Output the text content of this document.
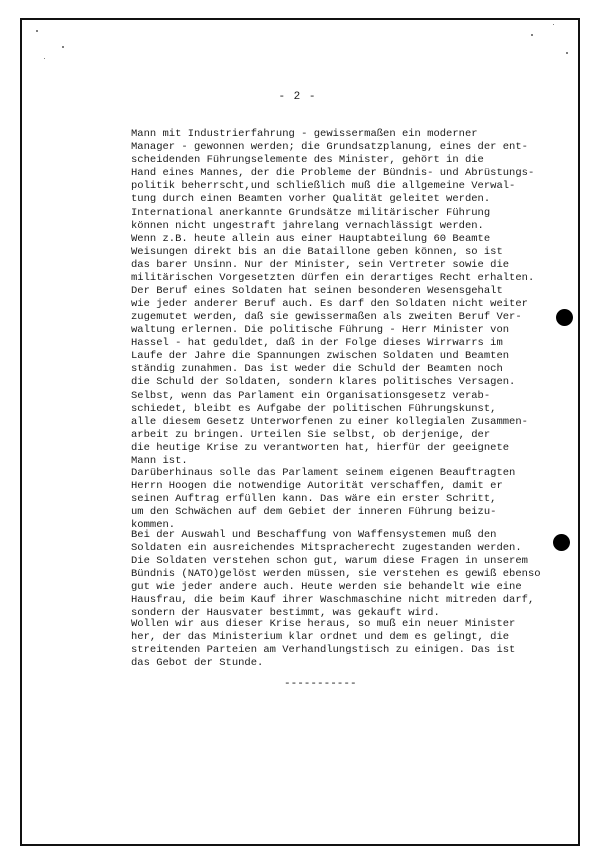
- 2 -
Mann mit Industrierfahrung - gewissermaßen ein moderner
Manager - gewonnen werden; die Grundsatzplanung, eines der ent-
scheidenden Führungselemente des Minister, gehört in die
Hand eines Mannes, der die Probleme der Bündnis- und Abrüstungs-
politik beherrscht,und schließlich muß die allgemeine Verwal-
tung durch einen Beamten vorher Qualität geleitet werden.
International anerkannte Grundsätze militärischer Führung
können nicht ungestraft jahrelang vernachlässigt werden.
Wenn z.B. heute allein aus einer Hauptabteilung 60 Beamte
Weisungen direkt bis an die Bataillone geben können, so ist
das barer Unsinn. Nur der Minister, sein Vertreter sowie die
militärischen Vorgesetzten dürfen ein derartiges Recht erhalten.
Der Beruf eines Soldaten hat seinen besonderen Wesensgehalt
wie jeder anderer Beruf auch. Es darf den Soldaten nicht weiter
zugemutet werden, daß sie gewissermaßen als zweiten Beruf Ver-
waltung erlernen. Die politische Führung - Herr Minister von
Hassel - hat geduldet, daß in der Folge dieses Wirrwarrs im
Laufe der Jahre die Spannungen zwischen Soldaten und Beamten
ständig zunahmen. Das ist weder die Schuld der Beamten noch
die Schuld der Soldaten, sondern klares politisches Versagen.
Selbst, wenn das Parlament ein Organisationsgesetz verab-
schiedet, bleibt es Aufgabe der politischen Führungskunst,
alle diesem Gesetz Unterworfenen zu einer kollegialen Zusammen-
arbeit zu bringen. Urteilen Sie selbst, ob derjenige, der
die heutige Krise zu verantworten hat, hierfür der geeignete
Mann ist.
Darüberhinaus solle das Parlament seinem eigenen Beauftragten
Herrn Hoogen die notwendige Autorität verschaffen, damit er
seinen Auftrag erfüllen kann. Das wäre ein erster Schritt,
um den Schwächen auf dem Gebiet der inneren Führung beizu-
kommen.
Bei der Auswahl und Beschaffung von Waffensystemen muß den
Soldaten ein ausreichendes Mitspracherecht zugestanden werden.
Die Soldaten verstehen schon gut, warum diese Fragen in unserem
Bündnis (NATO)gelöst werden müssen, sie verstehen es gewiß ebenso
gut wie jeder andere auch. Heute werden sie behandelt wie eine
Hausfrau, die beim Kauf ihrer Waschmaschine nicht mitreden darf,
sondern der Hausvater bestimmt, was gekauft wird.
Wollen wir aus dieser Krise heraus, so muß ein neuer Minister
her, der das Ministerium klar ordnet und dem es gelingt, die
streitenden Parteien am Verhandlungstisch zu einigen. Das ist
das Gebot der Stunde.
-----------
